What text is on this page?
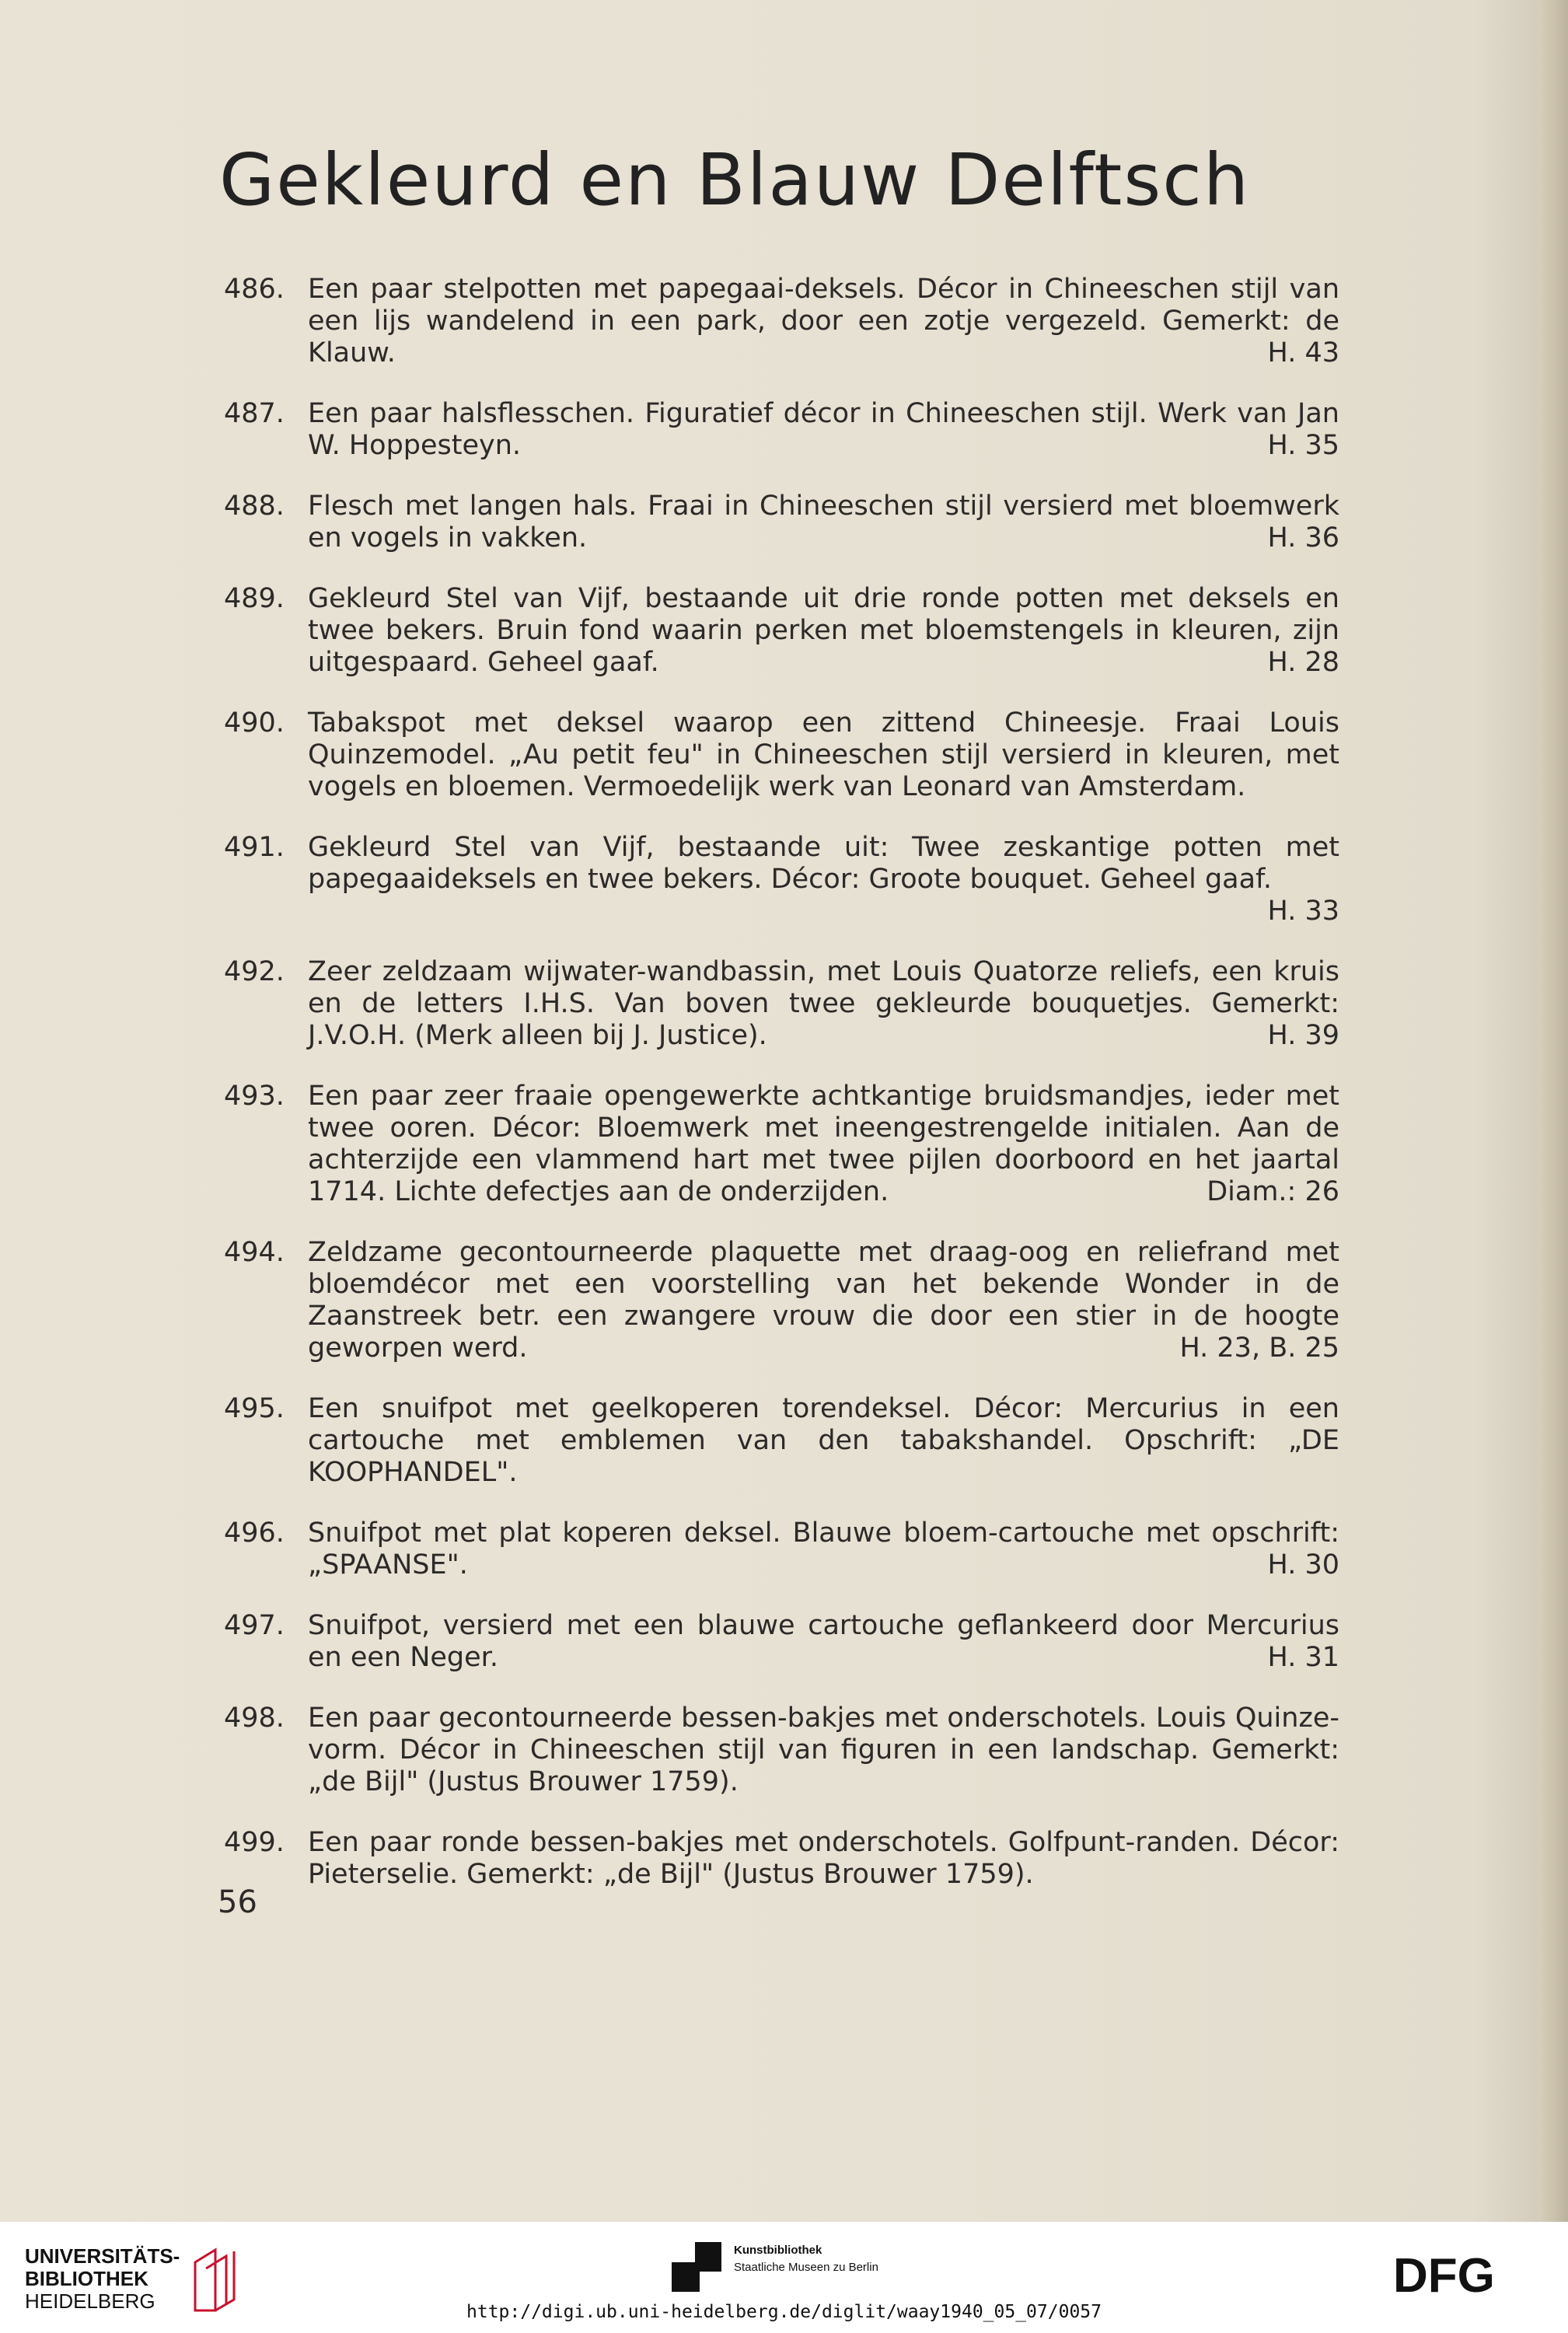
Gekleurd en Blauw Delftsch
486. Een paar stelpotten met papegaai-deksels. Décor in Chineeschen stijl van een lijs wandelend in een park, door een zotje vergezeld. Gemerkt: de Klauw.	H. 43
487. Een paar halsflesschen. Figuratief décor in Chineeschen stijl. Werk van Jan W. Hoppesteyn.	H. 35
488. Flesch met langen hals. Fraai in Chineeschen stijl versierd met bloemwerk en vogels in vakken.	H. 36
489. Gekleurd Stel van Vijf, bestaande uit drie ronde potten met deksels en twee bekers. Bruin fond waarin perken met bloemstengels in kleuren, zijn uitgespaard. Geheel gaaf.	H. 28
490. Tabakspot met deksel waarop een zittend Chineesje. Fraai Louis Quinzemodel. „Au petit feu" in Chineeschen stijl versierd in kleuren, met vogels en bloemen. Vermoedelijk werk van Leonard van Amsterdam.
491. Gekleurd Stel van Vijf, bestaande uit: Twee zeskantige potten met papegaaideksels en twee bekers. Décor: Groote bouquet. Geheel gaaf.
H. 33
492. Zeer zeldzaam wijwater-wandbassin, met Louis Quatorze reliefs, een kruis en de letters I.H.S. Van boven twee gekleurde bouquetjes. Gemerkt: J.V.O.H. (Merk alleen bij J. Justice).	H. 39
493. Een paar zeer fraaie opengewerkte achtkantige bruidsmandjes, ieder met twee ooren. Décor: Bloemwerk met ineengestrengelde initialen. Aan de achterzijde een vlammend hart met twee pijlen doorboord en het jaartal 1714. Lichte defectjes aan de onderzijden.	Diam.: 26
494. Zeldzame gecontourneerde plaquette met draag-oog en reliefrand met bloemdécor met een voorstelling van het bekende Wonder in de Zaanstreek betr. een zwangere vrouw die door een stier in de hoogte geworpen werd.	H. 23, B. 25
495. Een snuifpot met geelkoperen torendeksel. Décor: Mercurius in een cartouche met emblemen van den tabakshandel. Opschrift: „DE KOOPHANDEL".
496. Snuifpot met plat koperen deksel. Blauwe bloem-cartouche met opschrift: „SPAANSE".	H. 30
497. Snuifpot, versierd met een blauwe cartouche geflankeerd door Mercurius en een Neger.	H. 31
498. Een paar gecontourneerde bessen-bakjes met onderschotels. Louis Quinze-vorm. Décor in Chineeschen stijl van figuren in een landschap. Gemerkt: „de Bijl" (Justus Brouwer 1759).
499. Een paar ronde bessen-bakjes met onderschotels. Golfpunt-randen. Décor: Pieterselie. Gemerkt: „de Bijl" (Justus Brouwer 1759).
56
UNIVERSITÄTS-
BIBLIOTHEK
HEIDELBERG
Kunstbibliothek
Staatliche Museen zu Berlin	DFG
http://digi.ub.uni-heidelberg.de/diglit/waay1940_05_07/0057
